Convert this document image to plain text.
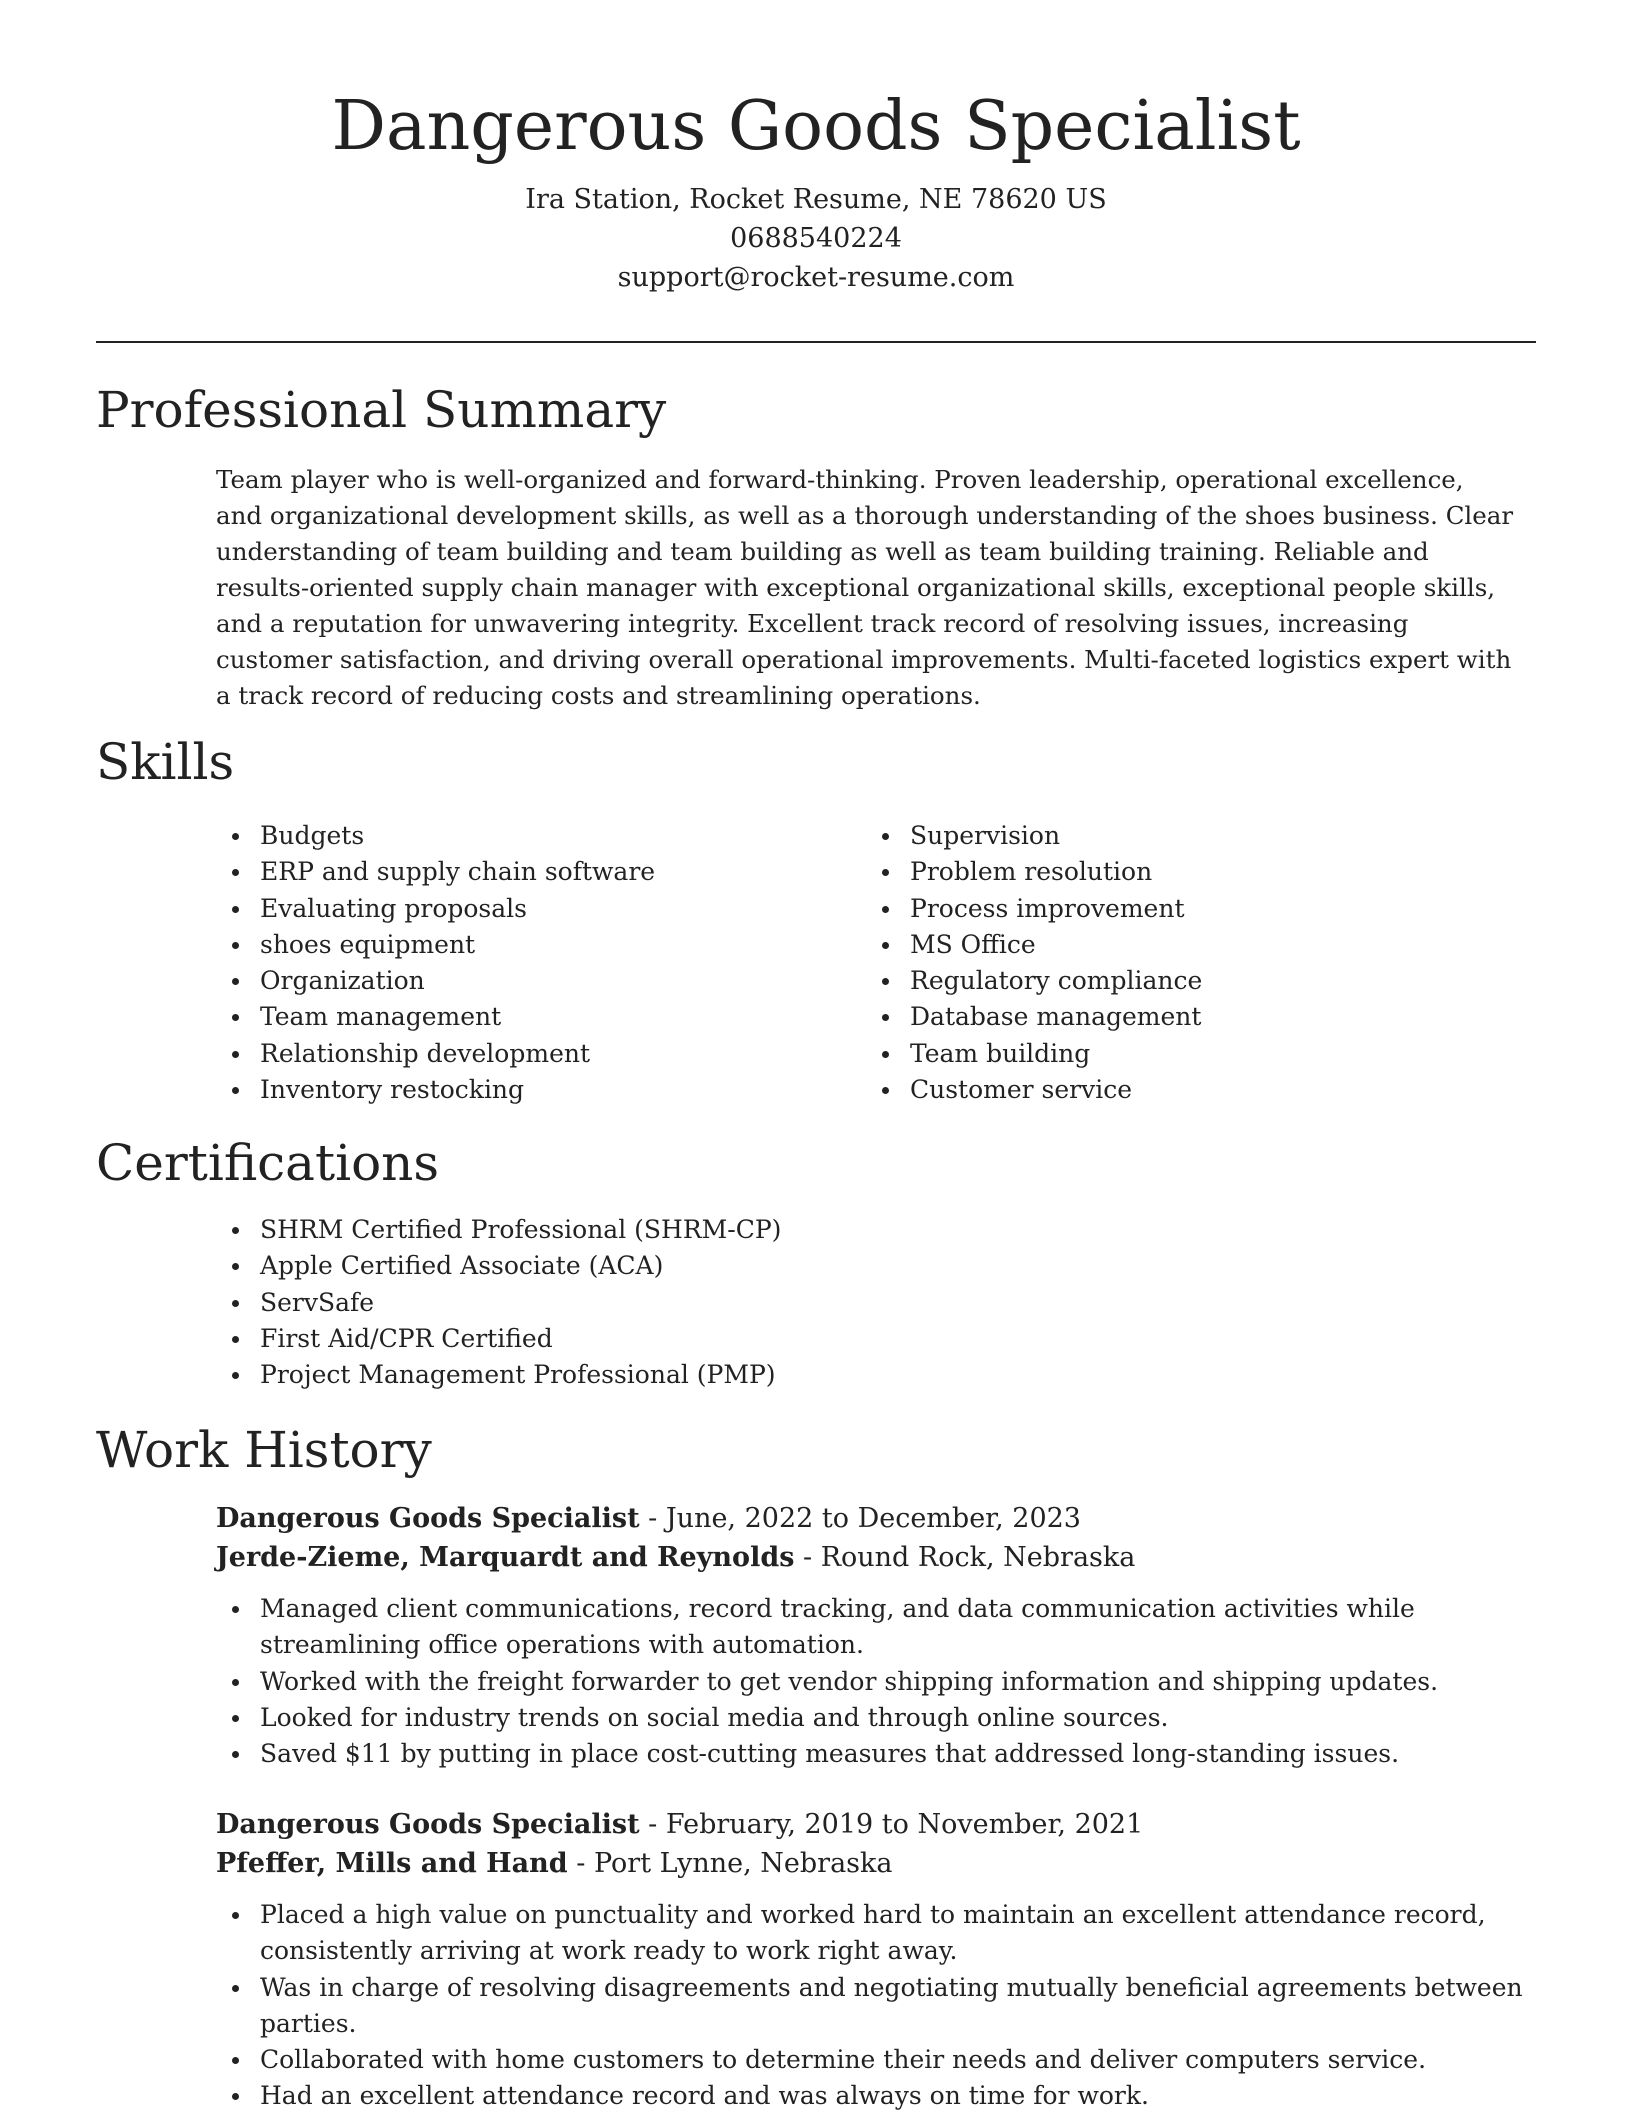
Dangerous Goods Specialist
Ira Station, Rocket Resume, NE 78620 US
0688540224
support@rocket-resume.com
Professional Summary

Team player who is well-organized and forward-thinking. Proven leadership, operational excellence, and organizational development skills, as well as a thorough understanding of the shoes business. Clear understanding of team building and team building as well as team building training. Reliable and results-oriented supply chain manager with exceptional organizational skills, exceptional people skills, and a reputation for unwavering integrity. Excellent track record of resolving issues, increasing customer satisfaction, and driving overall operational improvements. Multi-faceted logistics expert with a track record of reducing costs and streamlining operations.

Skills
Budgets
ERP and supply chain software
Evaluating proposals
shoes equipment
Organization
Team management
Relationship development
Inventory restocking
Supervision
Problem resolution
Process improvement
MS Office
Regulatory compliance
Database management
Team building
Customer service
Certifications
SHRM Certified Professional (SHRM-CP)
Apple Certified Associate (ACA)
ServSafe
First Aid/CPR Certified
Project Management Professional (PMP)
Work History
Dangerous Goods Specialist - June, 2022 to December, 2023
Jerde-Zieme, Marquardt and Reynolds - Round Rock, Nebraska
Managed client communications, record tracking, and data communication activities while streamlining office operations with automation.
Worked with the freight forwarder to get vendor shipping information and shipping updates.
Looked for industry trends on social media and through online sources.
Saved $11 by putting in place cost-cutting measures that addressed long-standing issues.
Dangerous Goods Specialist - February, 2019 to November, 2021
Pfeffer, Mills and Hand - Port Lynne, Nebraska
Placed a high value on punctuality and worked hard to maintain an excellent attendance record, consistently arriving at work ready to work right away.
Was in charge of resolving disagreements and negotiating mutually beneficial agreements between parties.
Collaborated with home customers to determine their needs and deliver computers service.
Had an excellent attendance record and was always on time for work.
